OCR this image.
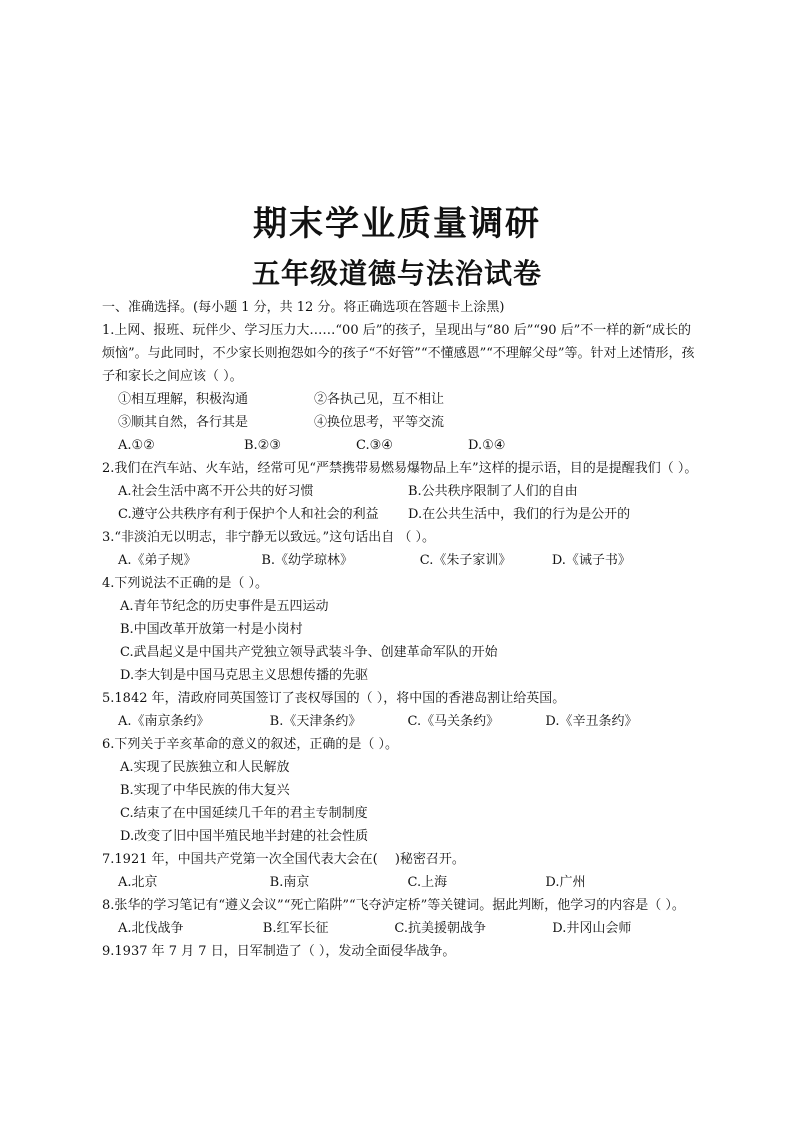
期末学业质量调研
五年级道德与法治试卷
一、准确选择。(每小题 1 分，共 12 分。将正确选项在答题卡上涂黑)
1.上网、报班、玩伴少、学习压力大……“00 后”的孩子，呈现出与“80 后”“90 后”不一样的新“成长的烦恼”。与此同时，不少家长则抱怨如今的孩子“不好管”“不懂感恩”“不理解父母”等。针对上述情形，孩子和家长之间应该（ ）。
①相互理解，积极沟通	②各执己见，互不相让
③顺其自然，各行其是	④换位思考，平等交流
A.①②	B.②③	C.③④	D.①④
2.我们在汽车站、火车站，经常可见“严禁携带易燃易爆物品上车”这样的提示语，目的是提醒我们（ ）。
A.社会生活中离不开公共的好习惯	B.公共秩序限制了人们的自由
C.遵守公共秩序有利于保护个人和社会的利益	D.在公共生活中，我们的行为是公开的
3.“非淡泊无以明志，非宁静无以致远。”这句话出自 （ ）。
A.《弟子规》	B.《幼学琼林》	C.《朱子家训》	D.《诫子书》
4.下列说法不正确的是（ ）。
A.青年节纪念的历史事件是五四运动
B.中国改革开放第一村是小岗村
C.武昌起义是中国共产党独立领导武装斗争、创建革命军队的开始
D.李大钊是中国马克思主义思想传播的先驱
5.1842 年，清政府同英国签订了丧权辱国的（ ），将中国的香港岛割让给英国。
A.《南京条约》	B.《天津条约》	C.《马关条约》	D.《辛丑条约》
6.下列关于辛亥革命的意义的叙述，正确的是（ ）。
A.实现了民族独立和人民解放
B.实现了中华民族的伟大复兴
C.结束了在中国延续几千年的君主专制制度
D.改变了旧中国半殖民地半封建的社会性质
7.1921 年，中国共产党第一次全国代表大会在(　 )秘密召开。
A.北京	B.南京	C.上海	D.广州
8.张华的学习笔记有“遵义会议”“死亡陷阱”“飞夺泸定桥”等关键词。据此判断，他学习的内容是（ ）。
A.北伐战争	B.红军长征	C.抗美援朝战争	D.井冈山会师
9.1937 年 7 月 7 日，日军制造了（ ），发动全面侵华战争。
